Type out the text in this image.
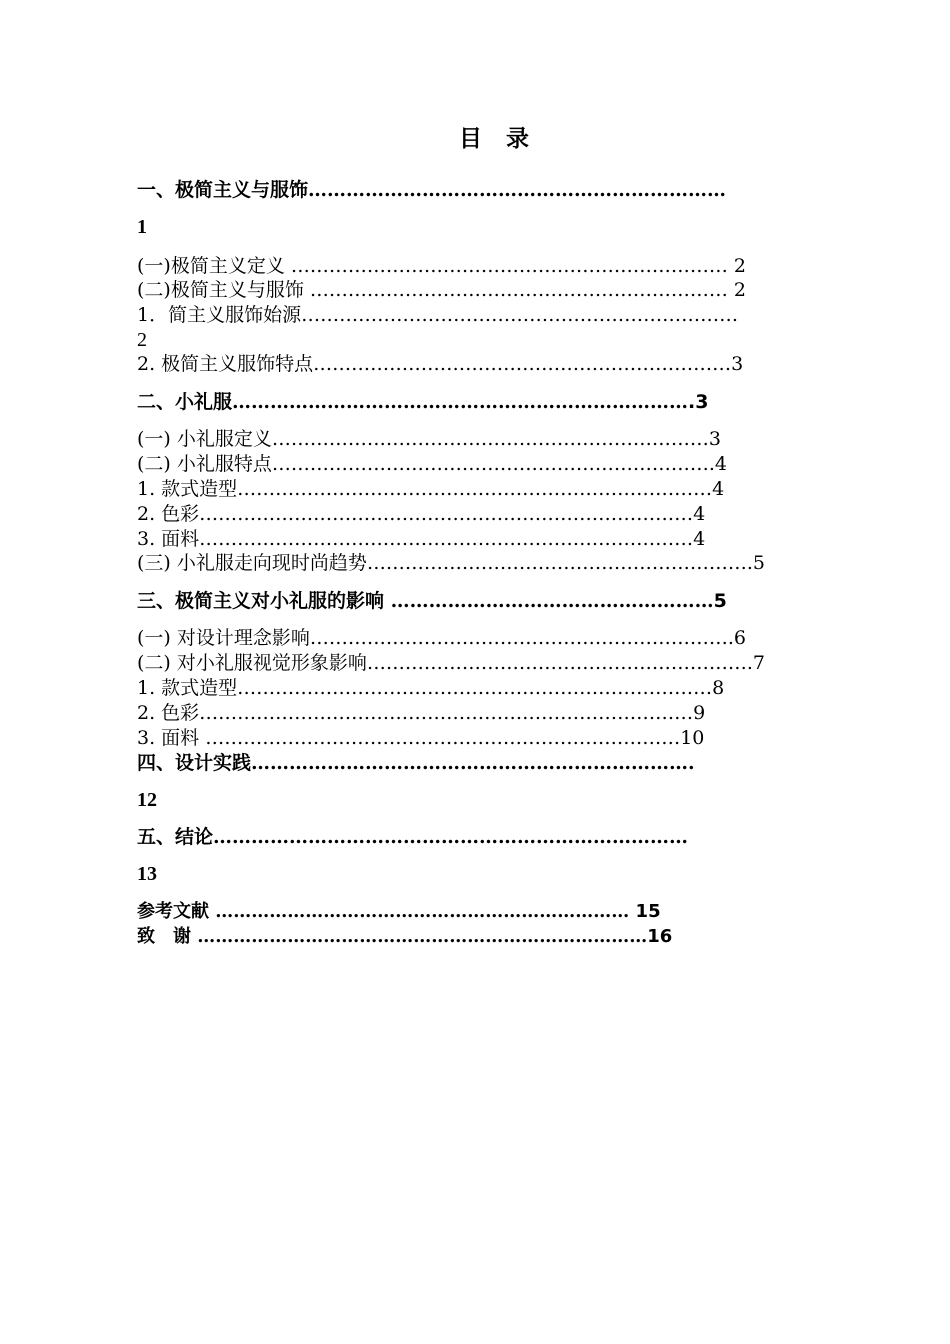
目 录
一、极简主义与服饰…………………………………………………………
1
(一)极简主义定义 …………………………………………………………… 2
(二)极简主义与服饰 ………………………………………………………… 2
1．简主义服饰始源……………………………………………………………
2
2. 极简主义服饰特点…………………………………………………………3
二、小礼服……………………………………………………………….3
(一) 小礼服定义……………………………………………………………3
(二) 小礼服特点…………………………………………………………….4
1. 款式造型…………………………………………………………………4
2. 色彩……………………………………………………………………4
3. 面料……………………………………………………………………4
(三) 小礼服走向现时尚趋势…………………………………………………….5
三、极简主义对小礼服的影响 ……………………………………………5
(一) 对设计理念影响………………………………………………………….6
(二) 对小礼服视觉形象影响…………………………………………………….7
1. 款式造型…………………………………………………………………8
2. 色彩……………………………………………………………………9
3. 面料 …………………………………………………………………10
四、设计实践…………………………………………………………….
12
五、结论…………………………………………………………………
13
参考文献 …………………………………………………………… 15
致　谢 …………………………………………………………………16
